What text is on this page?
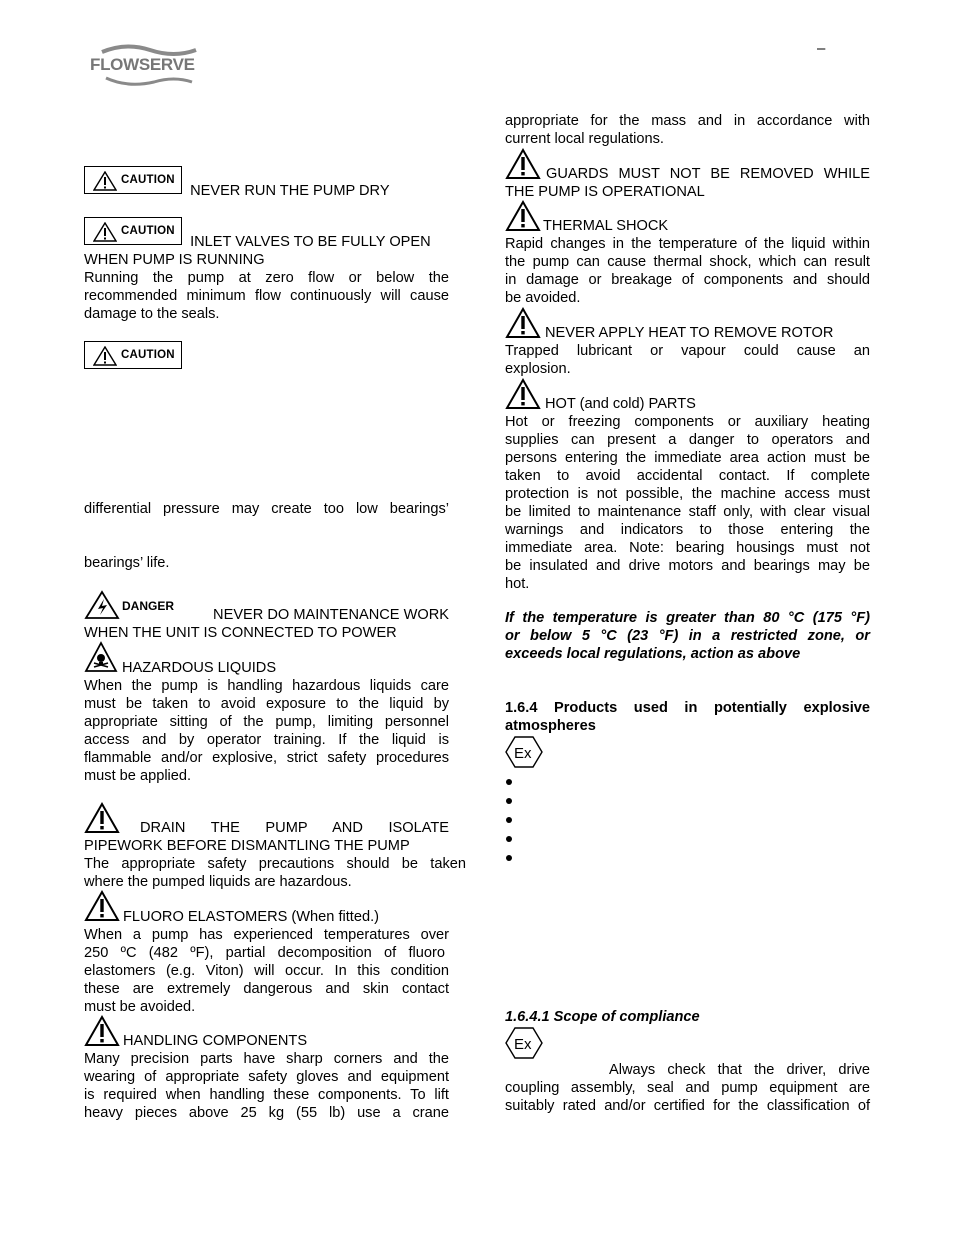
FLOWSERVE
–
CAUTION
NEVER RUN THE PUMP DRY
CAUTION
INLET VALVES TO BE FULLY OPEN
WHEN PUMP IS RUNNING
Running the pump at zero flow or below the
recommended minimum flow continuously will cause
damage to the seals.
CAUTION
differential pressure may create too low bearings’
bearings’ life.
DANGER
NEVER DO MAINTENANCE WORK
WHEN THE UNIT IS CONNECTED TO POWER
HAZARDOUS LIQUIDS
When the pump is handling hazardous liquids care
must be taken to avoid exposure to the liquid by
appropriate sitting of the pump, limiting personnel
access and by operator training. If the liquid is
flammable and/or explosive, strict safety procedures
must be applied.
DRAIN THE PUMP AND ISOLATE
PIPEWORK BEFORE DISMANTLING THE PUMP
The appropriate safety precautions should be taken
where the pumped liquids are hazardous.
FLUORO ELASTOMERS (When fitted.)
When a pump has experienced temperatures over
250 ºC (482 ºF), partial decomposition of fluoro
elastomers (e.g. Viton) will occur. In this condition
these are extremely dangerous and skin contact
must be avoided.
HANDLING COMPONENTS
Many precision parts have sharp corners and the
wearing of appropriate safety gloves and equipment
is required when handling these components. To lift
heavy pieces above 25 kg (55 lb) use a crane
appropriate for the mass and in accordance with
current local regulations.
GUARDS MUST NOT BE REMOVED WHILE
THE PUMP IS OPERATIONAL
THERMAL SHOCK
Rapid changes in the temperature of the liquid within
the pump can cause thermal shock, which can result
in damage or breakage of components and should
be avoided.
NEVER APPLY HEAT TO REMOVE ROTOR
Trapped lubricant or vapour could cause an
explosion.
HOT (and cold) PARTS
Hot or freezing components or auxiliary heating
supplies can present a danger to operators and
persons entering the immediate area action must be
taken to avoid accidental contact. If complete
protection is not possible, the machine access must
be limited to maintenance staff only, with clear visual
warnings and indicators to those entering the
immediate area. Note: bearing housings must not
be insulated and drive motors and bearings may be
hot.
If the temperature is greater than 80 °C (175 °F)
or below 5 °C (23 °F) in a restricted zone, or
exceeds local regulations, action as above
1.6.4 Products used in potentially explosive
atmospheres
Ex
1.6.4.1 Scope of compliance
Ex
Always check that the driver, drive
coupling assembly, seal and pump equipment are
suitably rated and/or certified for the classification of
